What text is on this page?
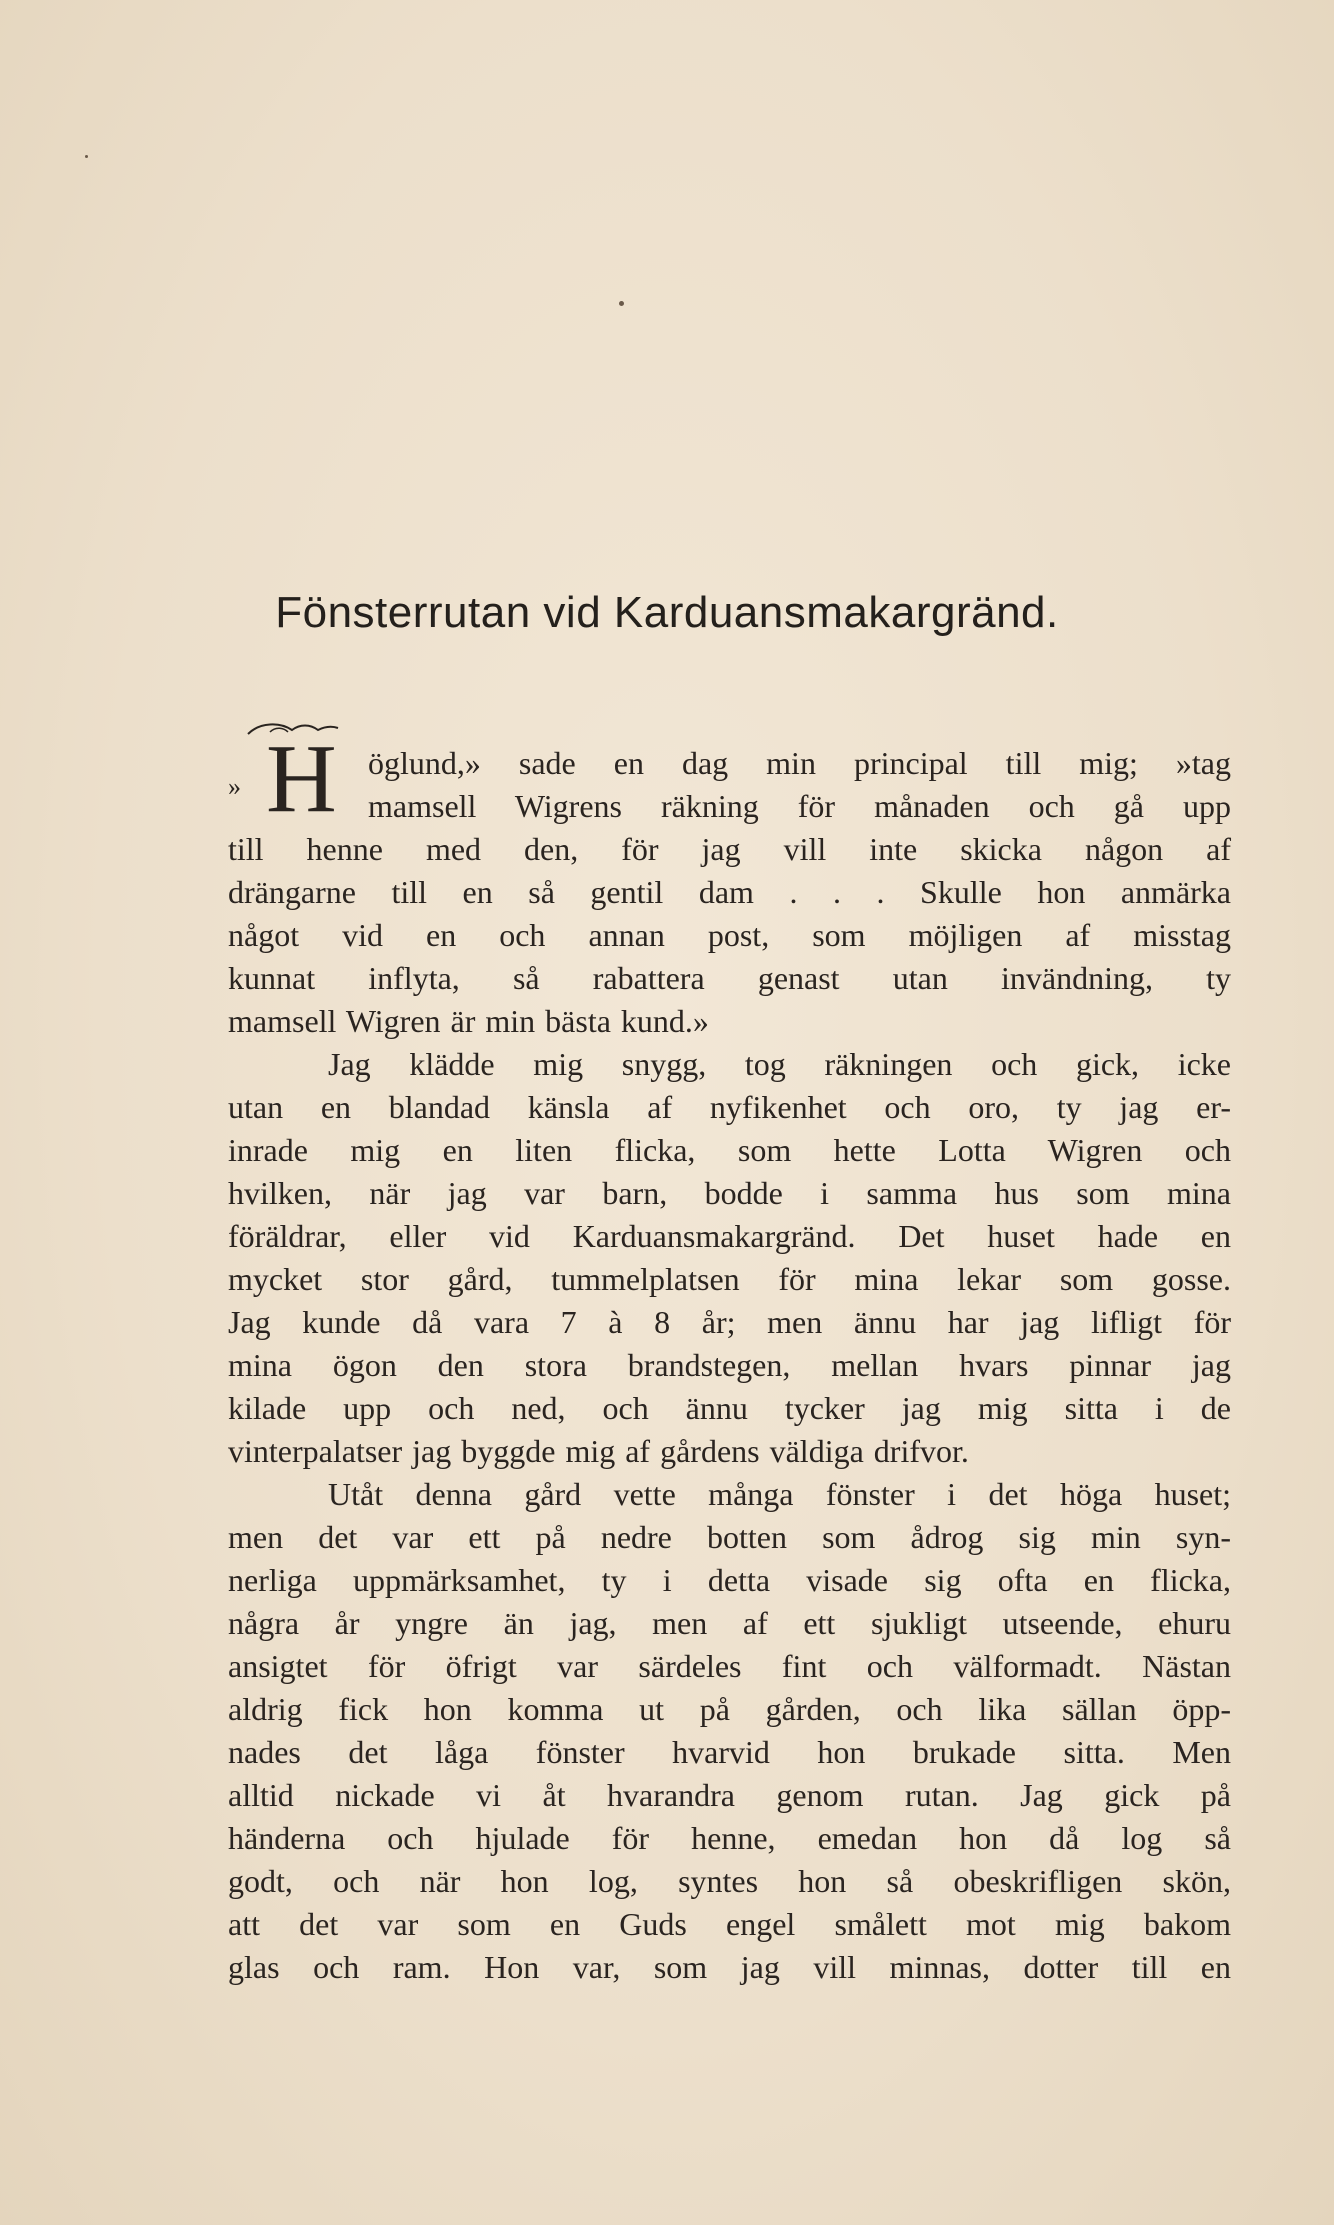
Fönsterrutan vid Karduansmakargränd.
» H öglund,» sade en dag min principal till mig; »tag
mamsell Wigrens räkning för månaden och gå upp
till henne med den, för jag vill inte skicka någon af
drängarne till en så gentil dam . . . Skulle hon anmärka
något vid en och annan post, som möjligen af misstag
kunnat inflyta, så rabattera genast utan invändning, ty
mamsell Wigren är min bästa kund.»
Jag klädde mig snygg, tog räkningen och gick, icke
utan en blandad känsla af nyfikenhet och oro, ty jag er-
inrade mig en liten flicka, som hette Lotta Wigren och
hvilken, när jag var barn, bodde i samma hus som mina
föräldrar, eller vid Karduansmakargränd. Det huset hade en
mycket stor gård, tummelplatsen för mina lekar som gosse.
Jag kunde då vara 7 à 8 år; men ännu har jag lifligt för
mina ögon den stora brandstegen, mellan hvars pinnar jag
kilade upp och ned, och ännu tycker jag mig sitta i de
vinterpalatser jag byggde mig af gårdens väldiga drifvor.
Utåt denna gård vette många fönster i det höga huset;
men det var ett på nedre botten som ådrog sig min syn-
nerliga uppmärksamhet, ty i detta visade sig ofta en flicka,
några år yngre än jag, men af ett sjukligt utseende, ehuru
ansigtet för öfrigt var särdeles fint och välformadt. Nästan
aldrig fick hon komma ut på gården, och lika sällan öpp-
nades det låga fönster hvarvid hon brukade sitta. Men
alltid nickade vi åt hvarandra genom rutan. Jag gick på
händerna och hjulade för henne, emedan hon då log så
godt, och när hon log, syntes hon så obeskrifligen skön,
att det var som en Guds engel smålett mot mig bakom
glas och ram. Hon var, som jag vill minnas, dotter till en
